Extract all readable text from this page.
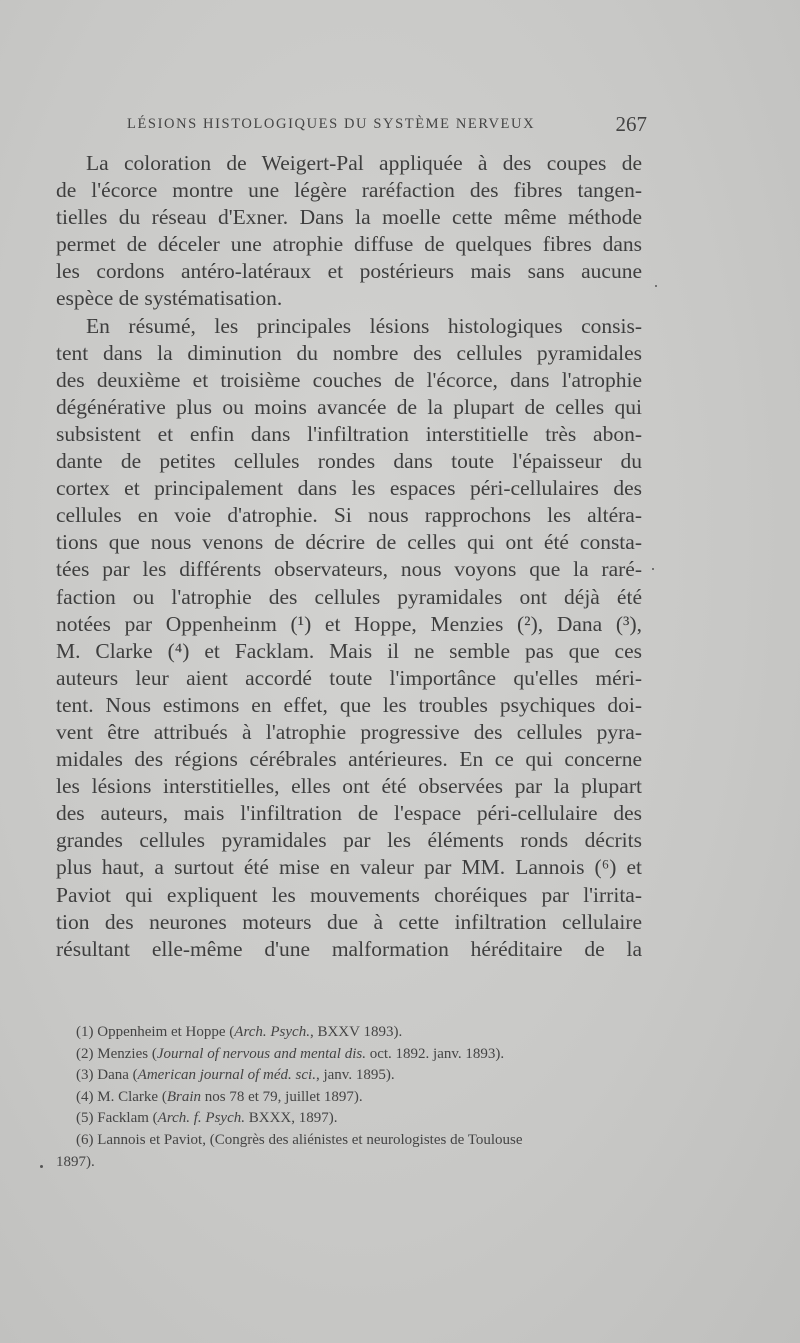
LÉSIONS HISTOLOGIQUES DU SYSTÈME NERVEUX	267
La coloration de Weigert-Pal appliquée à des coupes de
de l'écorce montre une légère raréfaction des fibres tangen-
tielles du réseau d'Exner. Dans la moelle cette même méthode
permet de déceler une atrophie diffuse de quelques fibres dans
les cordons antéro-latéraux et postérieurs mais sans aucune
espèce de systématisation.
En résumé, les principales lésions histologiques consis-
tent dans la diminution du nombre des cellules pyramidales
des deuxième et troisième couches de l'écorce, dans l'atrophie
dégénérative plus ou moins avancée de la plupart de celles qui
subsistent et enfin dans l'infiltration interstitielle très abon-
dante de petites cellules rondes dans toute l'épaisseur du
cortex et principalement dans les espaces péri-cellulaires des
cellules en voie d'atrophie. Si nous rapprochons les altéra-
tions que nous venons de décrire de celles qui ont été consta-
tées par les différents observateurs, nous voyons que la raré-
faction ou l'atrophie des cellules pyramidales ont déjà été
notées par Oppenheinm (¹) et Hoppe, Menzies (²), Dana (³),
M. Clarke (⁴) et Facklam. Mais il ne semble pas que ces
auteurs leur aient accordé toute l'importânce qu'elles méri-
tent. Nous estimons en effet, que les troubles psychiques doi-
vent être attribués à l'atrophie progressive des cellules pyra-
midales des régions cérébrales antérieures. En ce qui concerne
les lésions interstitielles, elles ont été observées par la plupart
des auteurs, mais l'infiltration de l'espace péri-cellulaire des
grandes cellules pyramidales par les éléments ronds décrits
plus haut, a surtout été mise en valeur par MM. Lannois (⁶) et
Paviot qui expliquent les mouvements choréiques par l'irrita-
tion des neurones moteurs due à cette infiltration cellulaire
résultant elle-même d'une malformation héréditaire de la
(1) Oppenheim et Hoppe (Arch. Psych., BXXV 1893).
(2) Menzies (Journal of nervous and mental dis. oct. 1892. janv. 1893).
(3) Dana (American journal of méd. sci., janv. 1895).
(4) M. Clarke (Brain nos 78 et 79, juillet 1897).
(5) Facklam (Arch. f. Psych. BXXX, 1897).
(6) Lannois et Paviot, (Congrès des aliénistes et neurologistes de Toulouse
1897).
